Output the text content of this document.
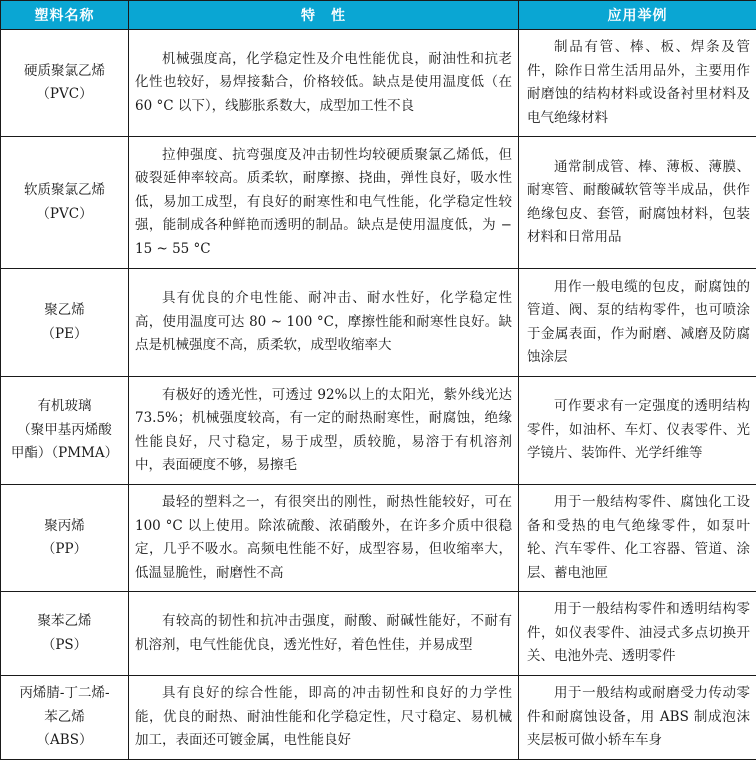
塑料名称	特　性	应用举例

硬质聚氯乙烯
（PVC）	机械强度高，化学稳定性及介电性能优良，耐油性和抗老化性也较好，易焊接黏合，价格较低。缺点是使用温度低（在 60 °C 以下），线膨胀系数大，成型加工性不良	制品有管、棒、板、焊条及管件，除作日常生活用品外，主要用作耐磨蚀的结构材料或设备衬里材料及电气绝缘材料

软质聚氯乙烯
（PVC）	拉伸强度、抗弯强度及冲击韧性均较硬质聚氯乙烯低，但破裂延伸率较高。质柔软，耐摩擦、挠曲，弹性良好，吸水性低，易加工成型，有良好的耐寒性和电气性能，化学稳定性较强，能制成各种鲜艳而透明的制品。缺点是使用温度低，为 − 15 ~ 55 °C	通常制成管、棒、薄板、薄膜、耐寒管、耐酸碱软管等半成品，供作绝缘包皮、套管，耐腐蚀材料，包装材料和日常用品

聚乙烯
（PE）	具有优良的介电性能、耐冲击、耐水性好，化学稳定性高，使用温度可达 80 ~ 100 °C，摩擦性能和耐寒性良好。缺点是机械强度不高，质柔软，成型收缩率大	用作一般电缆的包皮，耐腐蚀的管道、阀、泵的结构零件，也可喷涂于金属表面，作为耐磨、减磨及防腐蚀涂层

有机玻璃
（聚甲基丙烯酸
甲酯）（PMMA）	有极好的透光性，可透过 92%以上的太阳光，紫外线光达 73.5%；机械强度较高，有一定的耐热耐寒性，耐腐蚀，绝缘性能良好，尺寸稳定，易于成型，质较脆，易溶于有机溶剂中，表面硬度不够，易擦毛	可作要求有一定强度的透明结构零件，如油杯、车灯、仪表零件、光学镜片、装饰件、光学纤维等

聚丙烯
（PP）	最轻的塑料之一，有很突出的刚性，耐热性能较好，可在 100 °C 以上使用。除浓硫酸、浓硝酸外，在许多介质中很稳定，几乎不吸水。高频电性能不好，成型容易，但收缩率大，低温显脆性，耐磨性不高	用于一般结构零件、腐蚀化工设备和受热的电气绝缘零件，如泵叶轮、汽车零件、化工容器、管道、涂层、蓄电池匣

聚苯乙烯
（PS）	有较高的韧性和抗冲击强度，耐酸、耐碱性能好，不耐有机溶剂，电气性能优良，透光性好，着色性佳，并易成型	用于一般结构零件和透明结构零件，如仪表零件、油浸式多点切换开关、电池外壳、透明零件

丙烯腈-丁二烯-
苯乙烯
（ABS）	具有良好的综合性能，即高的冲击韧性和良好的力学性能，优良的耐热、耐油性能和化学稳定性，尺寸稳定、易机械加工，表面还可镀金属，电性能良好	用于一般结构或耐磨受力传动零件和耐腐蚀设备，用 ABS 制成泡沫夹层板可做小轿车车身
